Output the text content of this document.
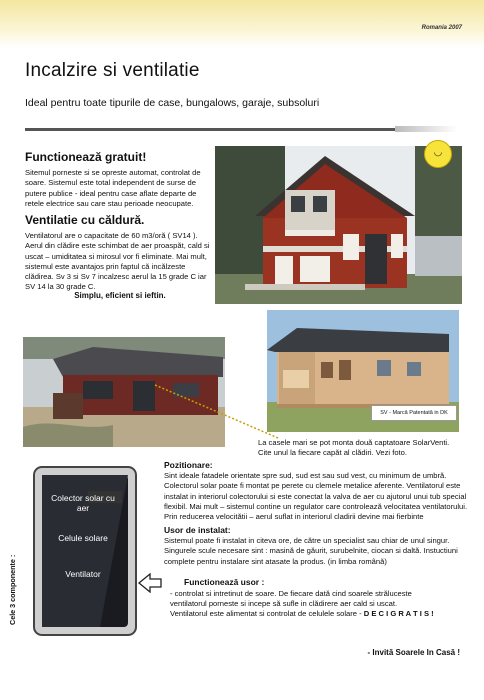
Romania 2007
Incalzire si ventilatie
Ideal pentru toate tipurile de case, bungalows, garaje, subsoluri
Functionează gratuit!
Sitemul porneste si se opreste automat, controlat de soare. Sistemul este total independent de surse de putere publice - ideal pentru case aflate departe de retele electrice sau care stau perioade neocupate.
Ventilatie cu căldură.
Ventilatorul are o capacitate de 60 m3/oră ( SV14 ). Aerul din clădire este schimbat de aer proaspăt, cald si uscat – umiditatea si mirosul vor fi eliminate. Mai mult, sistemul este avantajos prin faptul că incălzeste clădirea. Sv 3 si Sv 7 incalzesc aerul la 15 grade C iar SV 14 la 30 grade C.
Simplu, eficient si ieftin.
◡
SV - Marcă Patentată in DK
La casele mari se pot monta două captatoare SolarVenti. Cite unul la fiecare capăt al clădiri. Vezi foto.
Pozitionare:
Sint ideale fatadele orientate spre sud, sud est sau sud vest, cu minimum de umbră. Colectorul solar poate fi montat pe perete cu clemele metalice aferente. Ventilatorul este instalat in interiorul colectorului si este conectat la valva de aer cu ajutorul unui tub special flexibil. Mai mult – sistemul contine un regulator care controlează velocitatea ventilatorului. Prin reducerea velocitătii – aerul suflat in interiorul cladirii devine mai fierbinte
Usor de instalat:
Sistemul poate fi instalat in citeva ore, de către un specialist sau chiar de unul singur. Singurele scule necesare sint : masină de găurit, surubelnite, ciocan si daltă. Instuctiuni complete pentru instalare sint atasate la produs. (in limba română)
Colector solar cu aer
Celule solare
Ventilator
Cele 3 componente :	Functionează usor :
- controlat si intretinut de soare. De fiecare dată cind soarele străluceste
ventilatorul porneste si incepe să sufle in clădirere aer cald si uscat.
Ventilatorul este alimentat si controlat de celulele solare - D E C I G R A T I S !
- Invită Soarele In Casă !
